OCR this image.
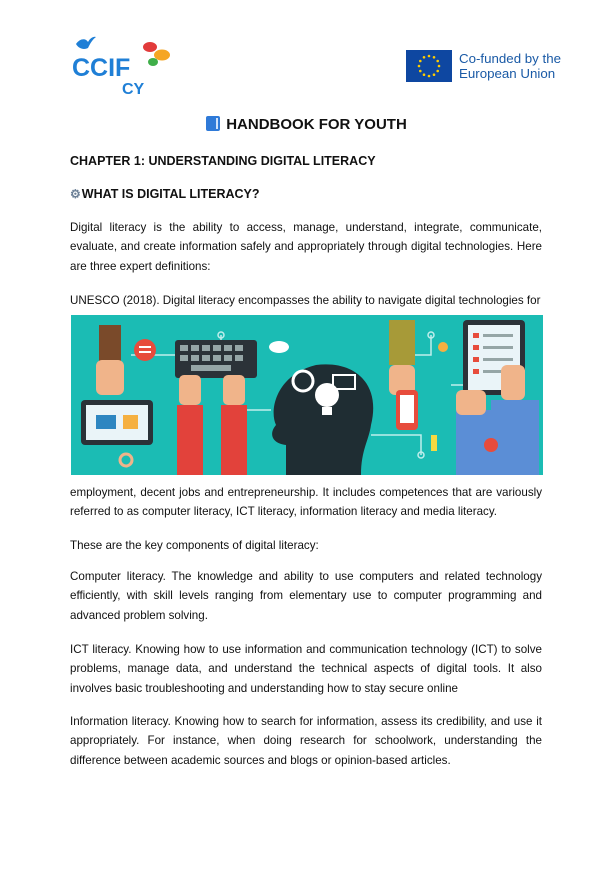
CCIF
CY
Co-funded by the
European Union
HANDBOOK FOR YOUTH
CHAPTER 1: UNDERSTANDING DIGITAL LITERACY
⚙WHAT IS DIGITAL LITERACY?
Digital literacy is the ability to access, manage, understand, integrate, communicate, evaluate, and create information safely and appropriately through digital technologies. Here are three expert definitions:
UNESCO (2018). Digital literacy encompasses the ability to navigate digital technologies for
employment, decent jobs and entrepreneurship. It includes competences that are variously referred to as computer literacy, ICT literacy, information literacy and media literacy.
These are the key components of digital literacy:
Computer literacy. The knowledge and ability to use computers and related technology efficiently, with skill levels ranging from elementary use to computer programming and advanced problem solving.
ICT literacy. Knowing how to use information and communication technology (ICT) to solve problems, manage data, and understand the technical aspects of digital tools. It also involves basic troubleshooting and understanding how to stay secure online
Information literacy. Knowing how to search for information, assess its credibility, and use it appropriately. For instance, when doing research for schoolwork, understanding the difference between academic sources and blogs or opinion-based articles.
